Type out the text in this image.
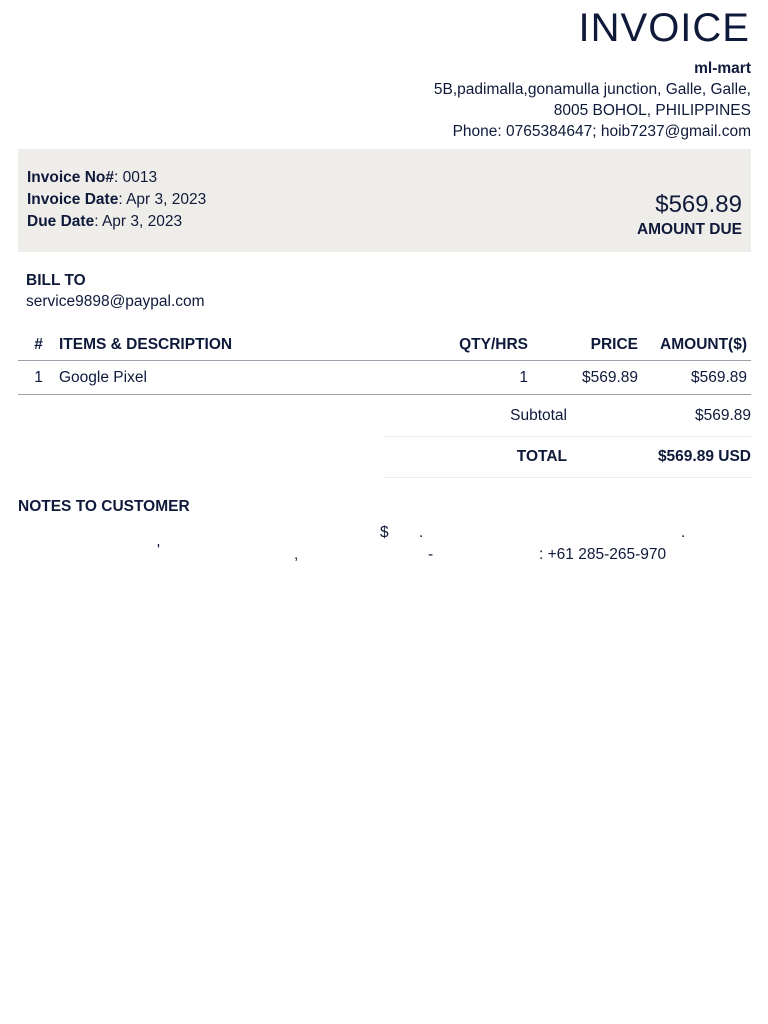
INVOICE
ml-mart
5B,padimalla,gonamulla junction, Galle, Galle,
8005 BOHOL, PHILIPPINES
Phone: 0765384647; hoib7237@gmail.com
Invoice No#: 0013
Invoice Date: Apr 3, 2023
Due Date: Apr 3, 2023
$569.89
AMOUNT DUE
BILL TO
service9898@paypal.com
#	ITEMS & DESCRIPTION	QTY/HRS	PRICE	AMOUNT($)
1	Google Pixel	1	$569.89	$569.89
Subtotal	$569.89
TOTAL	$569.89 USD
NOTES TO CUSTOMER
$ .	.
'	,	-	: +61 285-265-970
